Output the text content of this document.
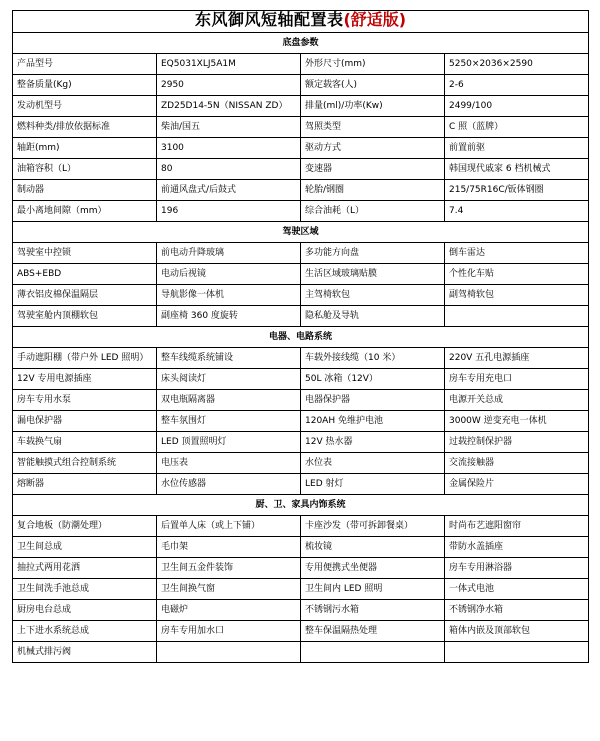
东风御风短轴配置表(舒适版)			
底盘参数			
产品型号	EQ5031XLJ5A1M	外形尺寸(mm)	5250×2036×2590
整备质量(Kg)	2950	额定载客(人)	2-6
发动机型号	ZD25D14-5N（NISSAN ZD）	排量(ml)/功率(Kw)	2499/100
燃料种类/排放依据标准	柴油/国五	驾照类型	C 照（蓝牌）
轴距(mm)	3100	驱动方式	前置前驱
油箱容积（L）	80	变速器	韩国现代戚家 6 档机械式
制动器	前通风盘式/后鼓式	轮胎/钢圈	215/75R16C/钣体钢圈
最小离地间隙（mm）	196	综合油耗（L）	7.4
驾驶区域			
驾驶室中控锁	前电动升降玻璃	多功能方向盘	倒车雷达
ABS+EBD	电动后视镜	生活区域玻璃贴膜	个性化车贴
薄衣铝皮棉保温隔层	导航影像一体机	主驾椅软包	副驾椅软包
驾驶室舱内顶棚软包	副座椅 360 度旋转	隐私舱及导轨	
电器、电路系统			
手动遮阳棚（带户外 LED 照明）	整车线缆系统铺设	车载外接线缆（10 米）	220V 五孔电源插座
12V 专用电源插座	床头阅读灯	50L 冰箱（12V）	房车专用充电口
房车专用水泵	双电瓶隔离器	电器保护器	电源开关总成
漏电保护器	整车氛围灯	120AH 免维护电池	3000W 逆变充电一体机
车载换气扇	LED 顶置照明灯	12V 热水器	过载控制保护器
智能触摸式组合控制系统	电压表	水位表	交流接触器
熔断器	水位传感器	LED 射灯	金属保险片
厨、卫、家具内饰系统			
复合地板（防潮处理）	后置单人床（或上下铺）	卡座沙发（带可拆卸餐桌）	时尚布艺遮阳窗帘
卫生间总成	毛巾架	梳妆镜	带防水盖插座
抽拉式两用花洒	卫生间五金件装饰	专用便携式坐便器	房车专用淋浴器
卫生间洗手池总成	卫生间换气窗	卫生间内 LED 照明	一体式电池
厨房电台总成	电磁炉	不锈钢污水箱	不锈钢净水箱
上下进水系统总成	房车专用加水口	整车保温隔热处理	箱体内嵌及顶部软包
机械式排污阀			
